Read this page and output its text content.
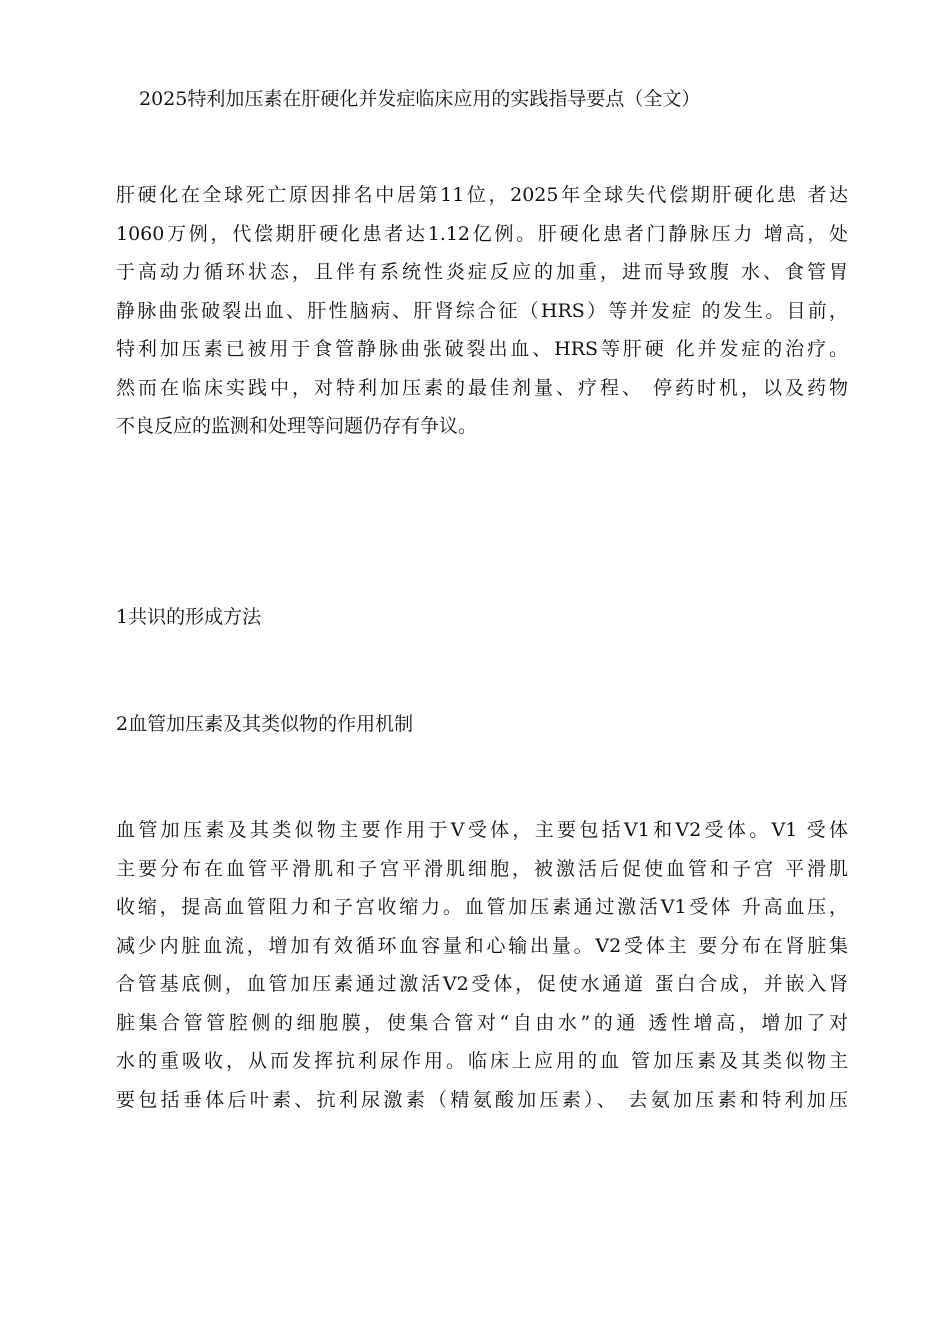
2025特利加压素在肝硬化并发症临床应用的实践指导要点（全文）
肝硬化在全球死亡原因排名中居第11位，2025年全球失代偿期肝硬化患 者达
1060万例，代偿期肝硬化患者达1.12亿例。肝硬化患者门静脉压力 增高，处
于高动力循环状态，且伴有系统性炎症反应的加重，进而导致腹 水、食管胃
静脉曲张破裂出血、肝性脑病、肝肾综合征（HRS）等并发症 的发生。目前，
特利加压素已被用于食管静脉曲张破裂出血、HRS等肝硬 化并发症的治疗。
然而在临床实践中，对特利加压素的最佳剂量、疗程、 停药时机，以及药物
不良反应的监测和处理等问题仍存有争议。
1共识的形成方法
2血管加压素及其类似物的作用机制
血管加压素及其类似物主要作用于V受体，主要包括V1和V2受体。V1 受体
主要分布在血管平滑肌和子宫平滑肌细胞，被激活后促使血管和子宫 平滑肌
收缩，提高血管阻力和子宫收缩力。血管加压素通过激活V1受体 升高血压，
减少内脏血流，增加有效循环血容量和心输出量。V2受体主 要分布在肾脏集
合管基底侧，血管加压素通过激活V2受体，促使水通道 蛋白合成，并嵌入肾
脏集合管管腔侧的细胞膜，使集合管对“自由水”的通 透性增高，增加了对
水的重吸收，从而发挥抗利尿作用。临床上应用的血 管加压素及其类似物主
要包括垂体后叶素、抗利尿激素（精氨酸加压素）、 去氨加压素和特利加压
